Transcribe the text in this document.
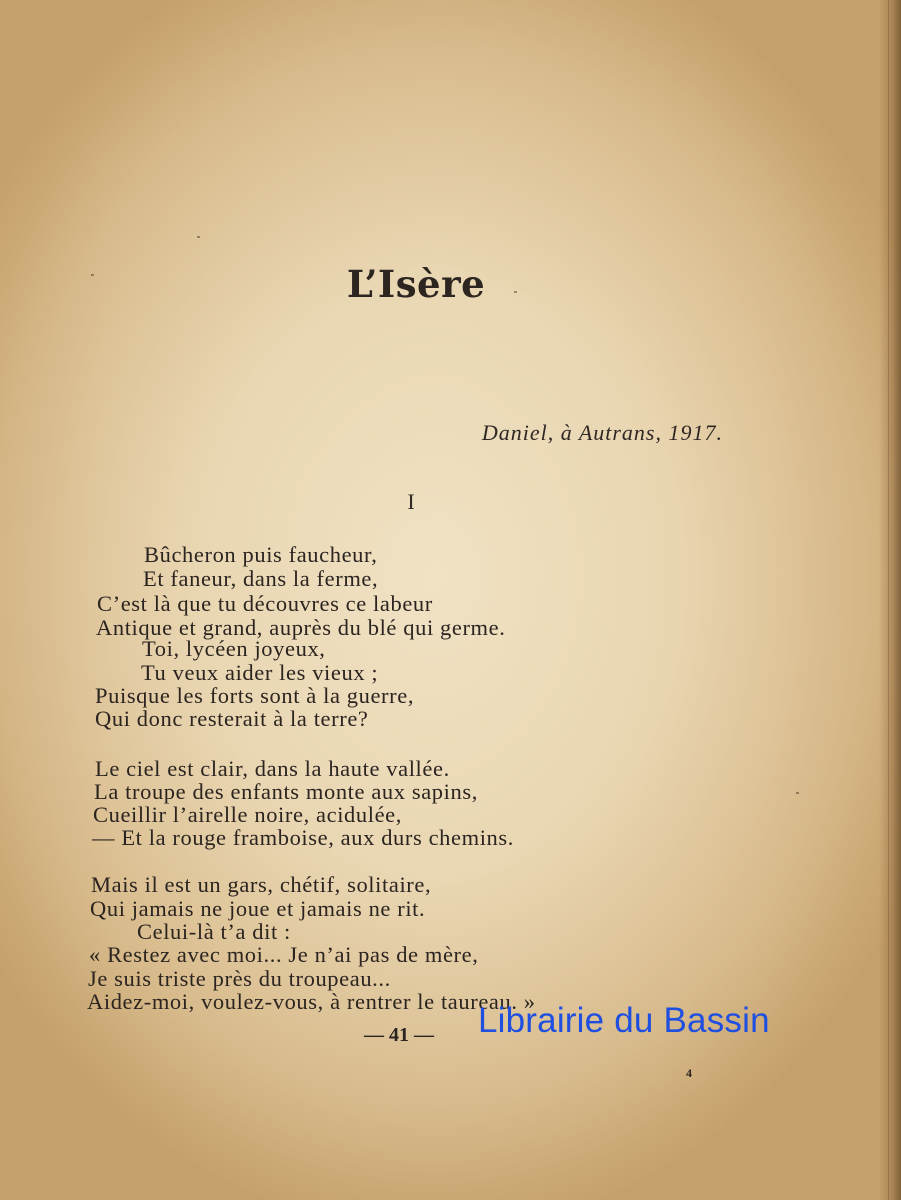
L’Isère
Daniel, à Autrans, 1917.
I
Bûcheron puis faucheur,
Et faneur, dans la ferme,
C’est là que tu découvres ce labeur
Antique et grand, auprès du blé qui germe.
Toi, lycéen joyeux,
Tu veux aider les vieux ;
Puisque les forts sont à la guerre,
Qui donc resterait à la terre?
Le ciel est clair, dans la haute vallée.
La troupe des enfants monte aux sapins,
Cueillir l’airelle noire, acidulée,
— Et la rouge framboise, aux durs chemins.
Mais il est un gars, chétif, solitaire,
Qui jamais ne joue et jamais ne rit.
Celui-là t’a dit :
« Restez avec moi... Je n’ai pas de mère,
Je suis triste près du troupeau...
Aidez-moi, voulez-vous, à rentrer le taureau. »
— 41 —
4
Librairie du Bassin
